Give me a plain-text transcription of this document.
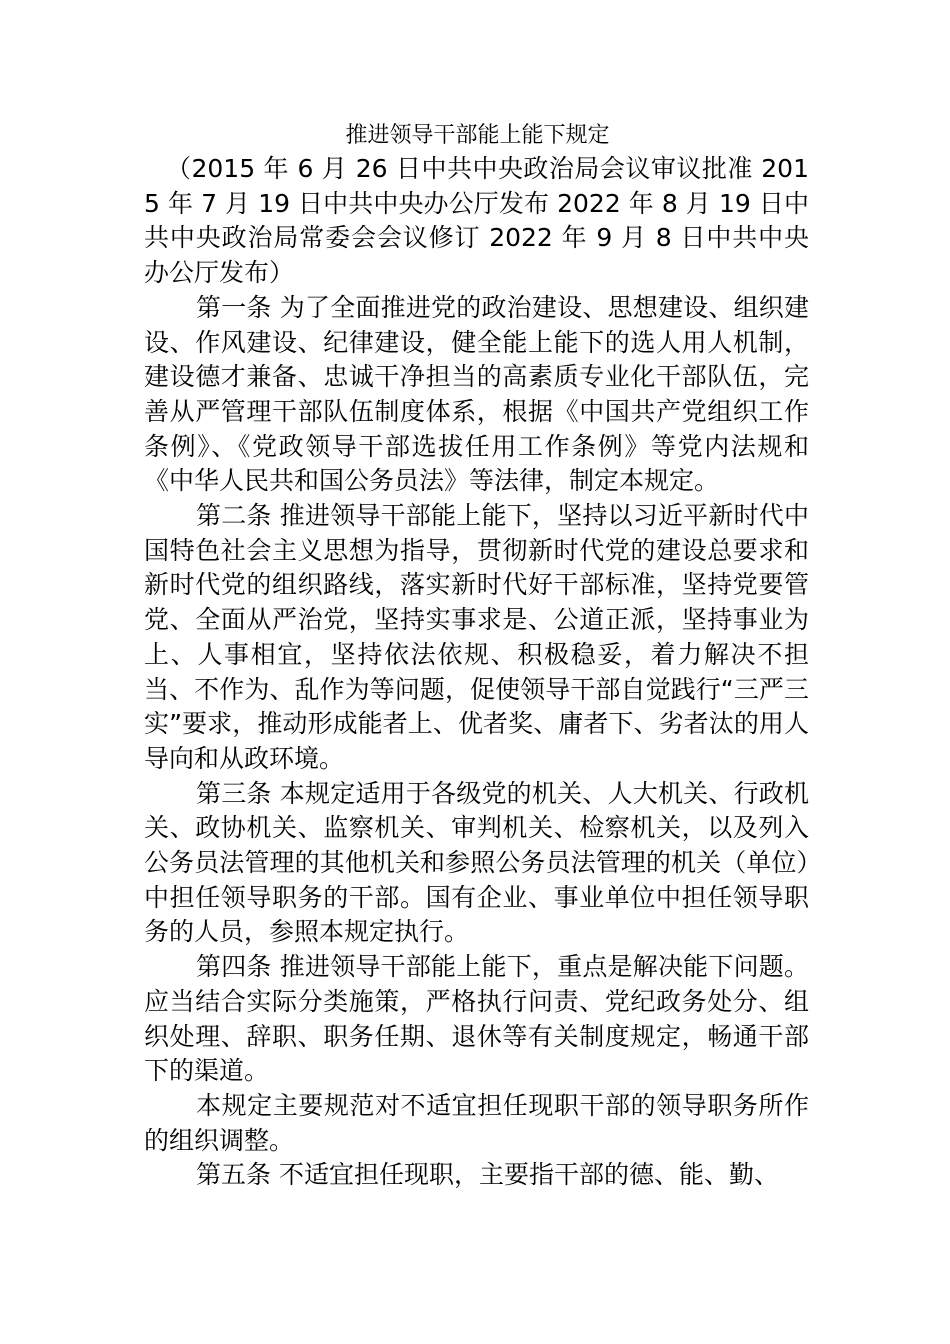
推进领导干部能上能下规定

（2015 年 6 月 26 日中共中央政治局会议审议批准 2015 年 7 月 19 日中共中央办公厅发布 2022 年 8 月 19 日中共中央政治局常委会会议修订 2022 年 9 月 8 日中共中央办公厅发布）

第一条 为了全面推进党的政治建设、思想建设、组织建设、作风建设、纪律建设，健全能上能下的选人用人机制，建设德才兼备、忠诚干净担当的高素质专业化干部队伍，完善从严管理干部队伍制度体系，根据《中国共产党组织工作条例》、《党政领导干部选拔任用工作条例》等党内法规和《中华人民共和国公务员法》等法律，制定本规定。

第二条 推进领导干部能上能下，坚持以习近平新时代中国特色社会主义思想为指导，贯彻新时代党的建设总要求和新时代党的组织路线，落实新时代好干部标准，坚持党要管党、全面从严治党，坚持实事求是、公道正派，坚持事业为上、人事相宜，坚持依法依规、积极稳妥，着力解决不担当、不作为、乱作为等问题，促使领导干部自觉践行“三严三实”要求，推动形成能者上、优者奖、庸者下、劣者汰的用人导向和从政环境。

第三条 本规定适用于各级党的机关、人大机关、行政机关、政协机关、监察机关、审判机关、检察机关，以及列入公务员法管理的其他机关和参照公务员法管理的机关（单位）中担任领导职务的干部。国有企业、事业单位中担任领导职务的人员，参照本规定执行。

第四条 推进领导干部能上能下，重点是解决能下问题。应当结合实际分类施策，严格执行问责、党纪政务处分、组织处理、辞职、职务任期、退休等有关制度规定，畅通干部下的渠道。

本规定主要规范对不适宜担任现职干部的领导职务所作的组织调整。

第五条 不适宜担任现职，主要指干部的德、能、勤、
